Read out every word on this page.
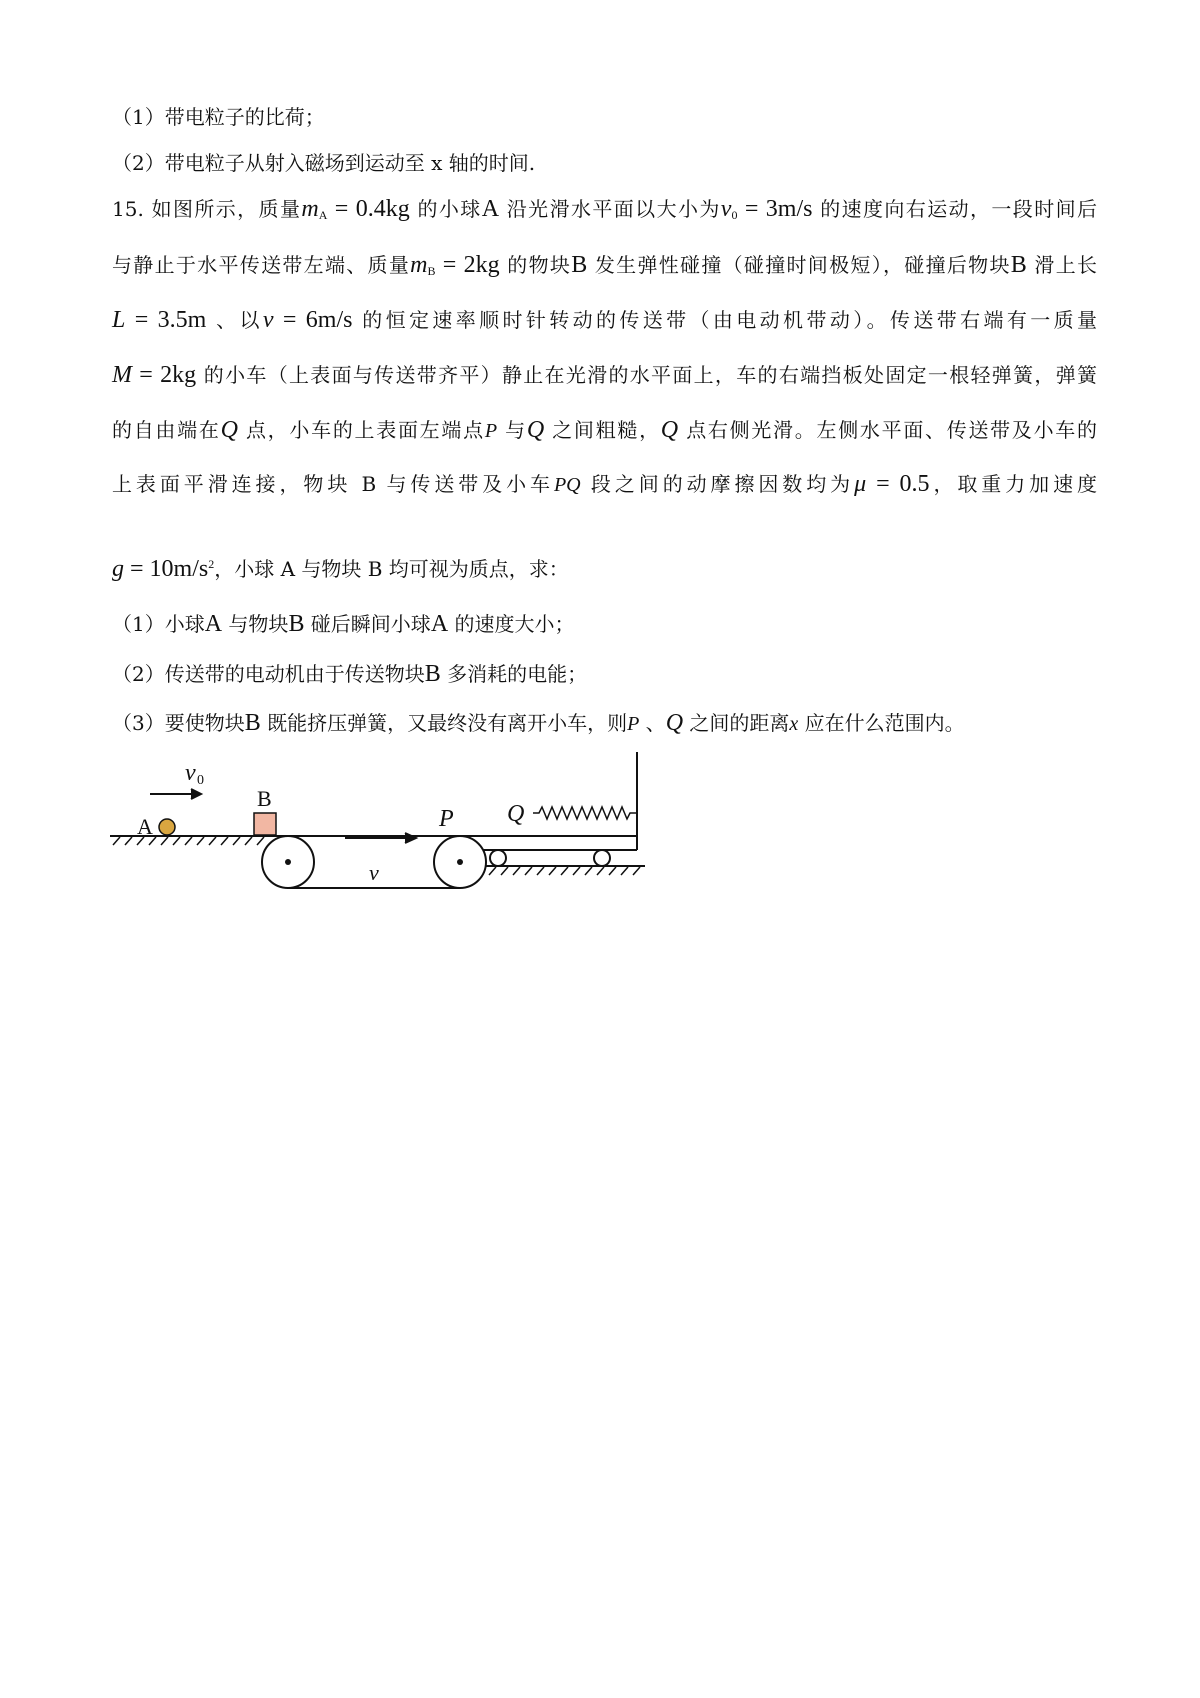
（1）带电粒子的比荷；
（2）带电粒子从射入磁场到运动至 x 轴的时间.
15. 如图所示，质量$m_A = 0.4kg$ 的小球A 沿光滑水平面以大小为$v_0 = 3m/s$ 的速度向右运动，一段时间后
与静止于水平传送带左端、质量$m_B = 2kg$ 的物块B 发生弹性碰撞（碰撞时间极短），碰撞后物块B 滑上长
L = 3.5m 、以v = 6m/s 的恒定速率顺时针转动的传送带（由电动机带动）。传送带右端有一质量
M = 2kg 的小车（上表面与传送带齐平）静止在光滑的水平面上，车的右端挡板处固定一根轻弹簧，弹簧
的自由端在Q 点，小车的上表面左端点P 与Q 之间粗糙，Q 点右侧光滑。左侧水平面、传送带及小车的
上表面平滑连接，物块 B 与传送带及小车PQ 段之间的动摩擦因数均为μ = 0.5，取重力加速度
$g = 10m/s^2$，小球 A 与物块 B 均可视为质点，求：
（1）小球A 与物块B 碰后瞬间小球A 的速度大小；
（2）传送带的电动机由于传送物块B 多消耗的电能；
（3）要使物块B 既能挤压弹簧，又最终没有离开小车，则P 、Q 之间的距离x 应在什么范围内。
A
B
v 0
v
P Q
